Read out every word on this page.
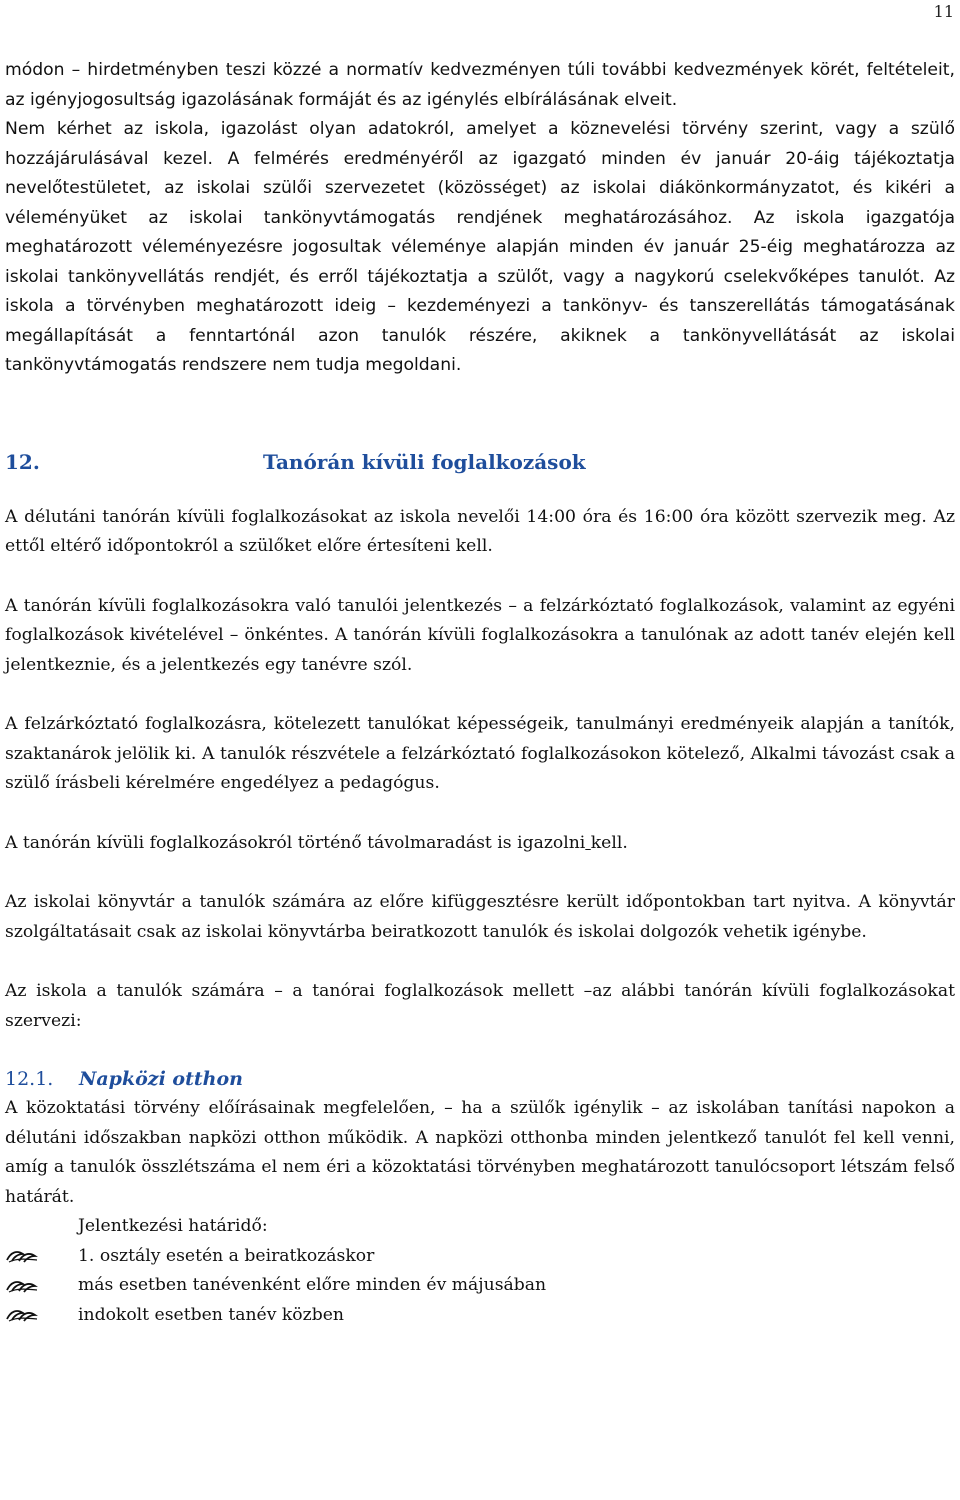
11

módon – hirdetményben teszi közzé a normatív kedvezményen túli további kedvezmények körét, feltételeit, az igényjogosultság igazolásának formáját és az igénylés elbírálásának elveit.

Nem kérhet az iskola, igazolást olyan adatokról, amelyet a köznevelési törvény szerint, vagy a szülő hozzájárulásával kezel. A felmérés eredményéről az igazgató minden év január 20-áig tájékoztatja nevelőtestületet, az iskolai szülői szervezetet (közösséget) az iskolai diákönkormányzatot, és kikéri a véleményüket az iskolai tankönyvtámogatás rendjének meghatározásához. Az iskola igazgatója meghatározott véleményezésre jogosultak véleménye alapján minden év január 25-éig meghatározza az iskolai tankönyvellátás rendjét, és erről tájékoztatja a szülőt, vagy a nagykorú cselekvőképes tanulót. Az iskola a törvényben meghatározott ideig – kezdeményezi a tankönyv- és tanszerellátás támogatásának megállapítását a fenntartónál azon tanulók részére, akiknek a tankönyvellátását az iskolai tankönyvtámogatás rendszere nem tudja megoldani.

12.	Tanórán kívüli foglalkozások

A délutáni tanórán kívüli foglalkozásokat az iskola nevelői 14:00 óra és 16:00 óra között szervezik meg. Az ettől eltérő időpontokról a szülőket előre értesíteni kell.

A tanórán kívüli foglalkozásokra való tanulói jelentkezés – a felzárkóztató foglalkozások, valamint az egyéni foglalkozások kivételével – önkéntes. A tanórán kívüli foglalkozásokra a tanulónak az adott tanév elején kell jelentkeznie, és a jelentkezés egy tanévre szól.

A felzárkóztató foglalkozásra, kötelezett tanulókat képességeik, tanulmányi eredményeik alapján a tanítók, szaktanárok jelölik ki. A tanulók részvétele a felzárkóztató foglalkozásokon kötelező, Alkalmi távozást csak a szülő írásbeli kérelmére engedélyez a pedagógus.

A tanórán kívüli foglalkozásokról történő távolmaradást is igazolni kell.

Az iskolai könyvtár a tanulók számára az előre kifüggesztésre került időpontokban tart nyitva. A könyvtár szolgáltatásait csak az iskolai könyvtárba beiratkozott tanulók és iskolai dolgozók vehetik igénybe.

Az iskola a tanulók számára – a tanórai foglalkozások mellett –az alábbi tanórán kívüli foglalkozásokat szervezi:

12.1.	Napközi otthon

A közoktatási törvény előírásainak megfelelően, – ha a szülők igénylik – az iskolában tanítási napokon a délutáni időszakban napközi otthon működik. A napközi otthonba minden jelentkező tanulót fel kell venni, amíg a tanulók összlétszáma el nem éri a közoktatási törvényben meghatározott tanulócsoport létszám felső határát.

Jelentkezési határidő:
1. osztály esetén a beiratkozáskor
más esetben tanévenként előre minden év májusában
indokolt esetben tanév közben
